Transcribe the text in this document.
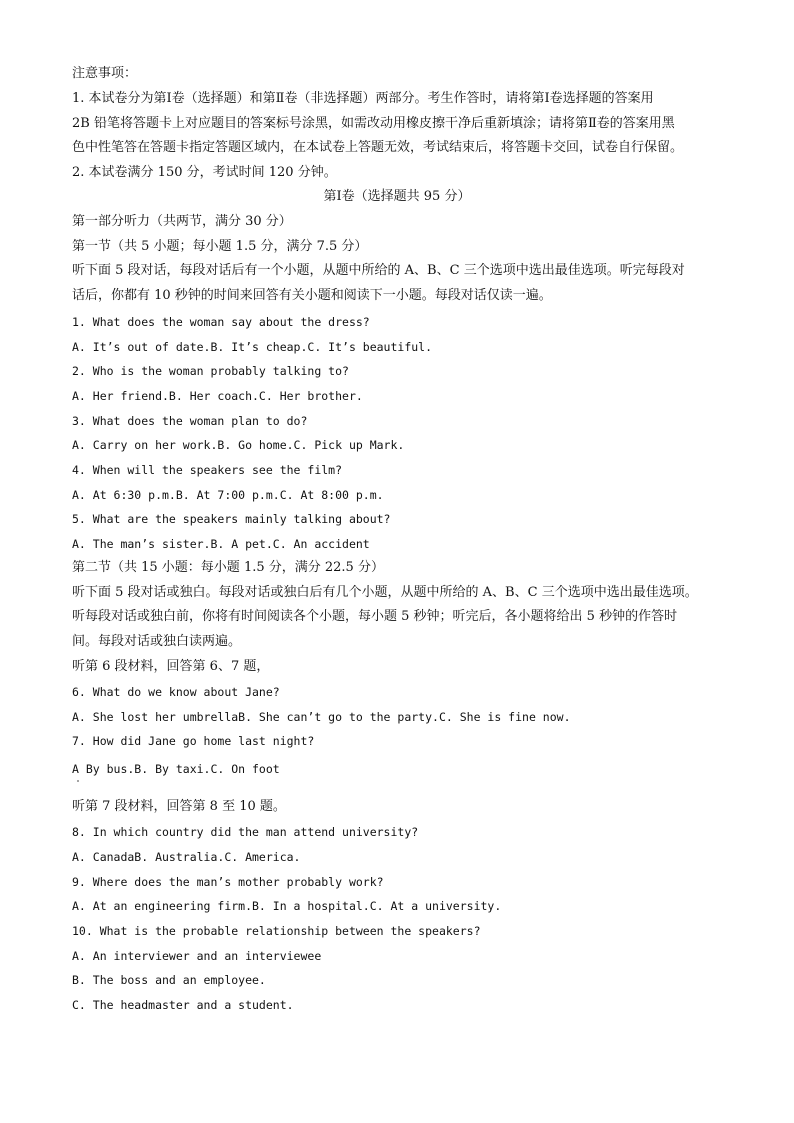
注意事项：
1. 本试卷分为第Ⅰ卷（选择题）和第Ⅱ卷（非选择题）两部分。考生作答时，请将第Ⅰ卷选择题的答案用
2B 铅笔将答题卡上对应题目的答案标号涂黑，如需改动用橡皮擦干净后重新填涂；请将第Ⅱ卷的答案用黑
色中性笔答在答题卡指定答题区域内，在本试卷上答题无效，考试结束后，将答题卡交回，试卷自行保留。
2. 本试卷满分 150 分，考试时间 120 分钟。
第Ⅰ卷（选择题共 95 分）
第一部分听力（共两节，满分 30 分）
第一节（共 5 小题；每小题 1.5 分，满分 7.5 分）
听下面 5 段对话，每段对话后有一个小题，从题中所给的 A、B、C 三个选项中选出最佳选项。听完每段对
话后，你都有 10 秒钟的时间来回答有关小题和阅读下一小题。每段对话仅读一遍。
1. What does the woman say about the dress?
A. It’s out of date.B. It’s cheap.C. It’s beautiful.
2. Who is the woman probably talking to?
A. Her friend.B. Her coach.C. Her brother.
3. What does the woman plan to do?
A. Carry on her work.B. Go home.C. Pick up Mark.
4. When will the speakers see the film?
A. At 6:30 p.m.B. At 7:00 p.m.C. At 8:00 p.m.
5. What are the speakers mainly talking about?
A. The man’s sister.B. A pet.C. An accident
第二节（共 15 小题：每小题 1.5 分，满分 22.5 分）
听下面 5 段对话或独白。每段对话或独白后有几个小题，从题中所给的 A、B、C 三个选项中选出最佳选项。
听每段对话或独白前，你将有时间阅读各个小题，每小题 5 秒钟；听完后，各小题将给出 5 秒钟的作答时
间。每段对话或独白读两遍。
听第 6 段材料，回答第 6、7 题，
6. What do we know about Jane?
A. She lost her umbrellaB. She can’t go to the party.C. She is fine now.
7. How did Jane go home last night?
A By bus.B. By taxi.C. On foot
听第 7 段材料，回答第 8 至 10 题。
8. In which country did the man attend university?
A. CanadaB. Australia.C. America.
9. Where does the man’s mother probably work?
A. At an engineering firm.B. In a hospital.C. At a university.
10. What is the probable relationship between the speakers?
A. An interviewer and an interviewee
B. The boss and an employee.
C. The headmaster and a student.
